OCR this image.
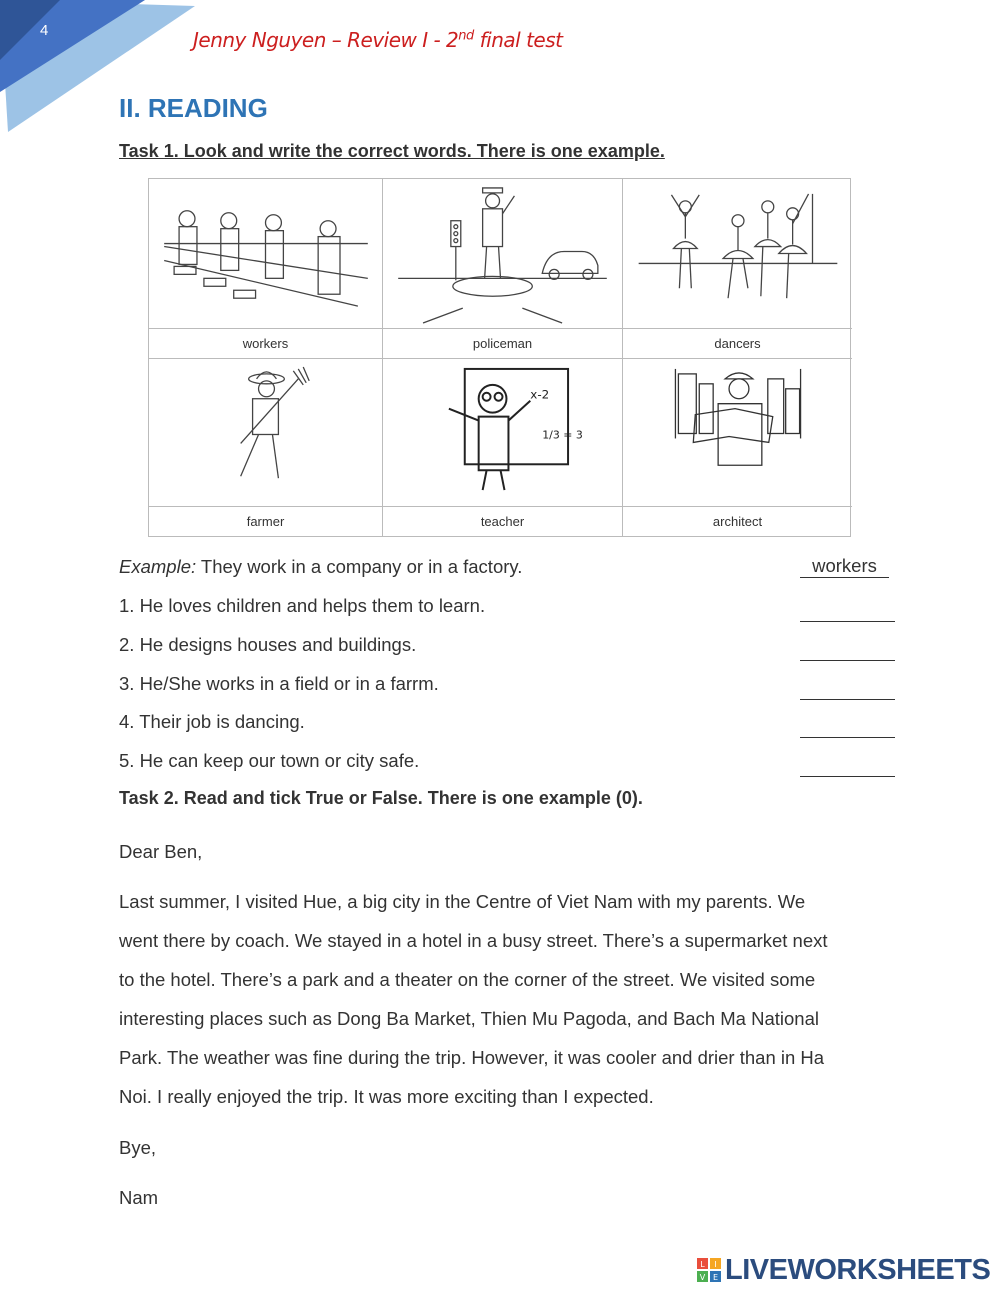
4	Jenny Nguyen – Review I - 2nd final test
II. READING
Task 1. Look and write the correct words. There is one example.
workers	policeman	dancers
x-2
1/3 = 3
farmer	teacher	architect
Example: They work in a company or in a factory.	workers
1. He loves children and helps them to learn.
2. He designs houses and buildings.
3. He/She works in a field or in a farrm.
4. Their job is dancing.
5. He can keep our town or city safe.
Task 2. Read and tick True or False. There is one example (0).
Dear Ben,
Last summer, I visited Hue, a big city in the Centre of Viet Nam with my parents. We
went there by coach. We stayed in a hotel in a busy street. There’s a supermarket next
to the hotel. There’s a park and a theater on the corner of the street. We visited some
interesting places such as Dong Ba Market, Thien Mu Pagoda, and Bach Ma National
Park. The weather was fine during the trip. However, it was cooler and drier than in Ha
Noi. I really enjoyed the trip. It was more exciting than I expected.
Bye,
Nam
L I
V E LIVEWORKSHEETS
